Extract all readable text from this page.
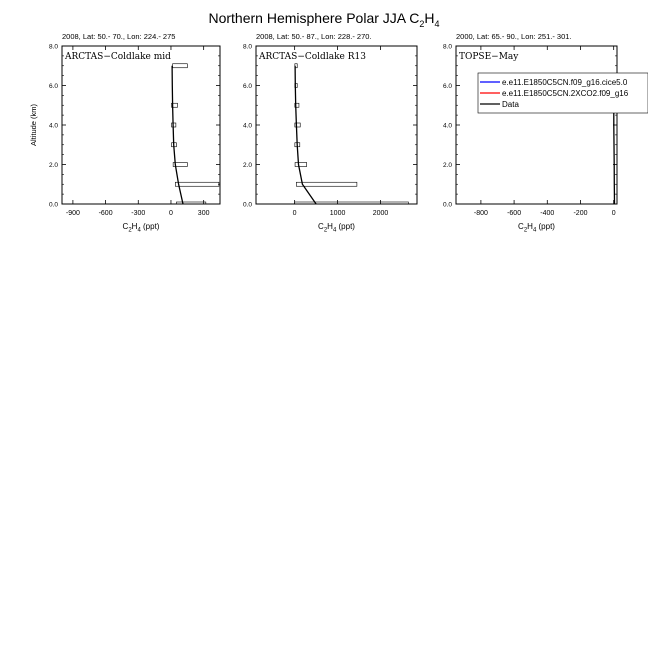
Northern Hemisphere Polar JJA $C_2H_4$
2008, Lat: 50.- 70., Lon: 224.- 275
-900	-600	-300	0	300
0.0
2.0
4.0
6.0
8.0
$C_2H_4$ (ppt)
Altitude (km)
ARCTAS−Coldlake mid
2008, Lat: 50.- 87., Lon: 228.- 270.
0	1000	2000
0.0
2.0
4.0
6.0
8.0
$C_2H_4$ (ppt)
ARCTAS−Coldlake R13
2000, Lat: 65.- 90., Lon: 251.- 301.
-800	-600	-400	-200	0
0.0
2.0
4.0
6.0
8.0
$C_2H_4$ (ppt)
TOPSE−May
e.e11.E1850C5CN.f09_g16.cice5.0
e.e11.E1850C5CN.2XCO2.f09_g16
Data
